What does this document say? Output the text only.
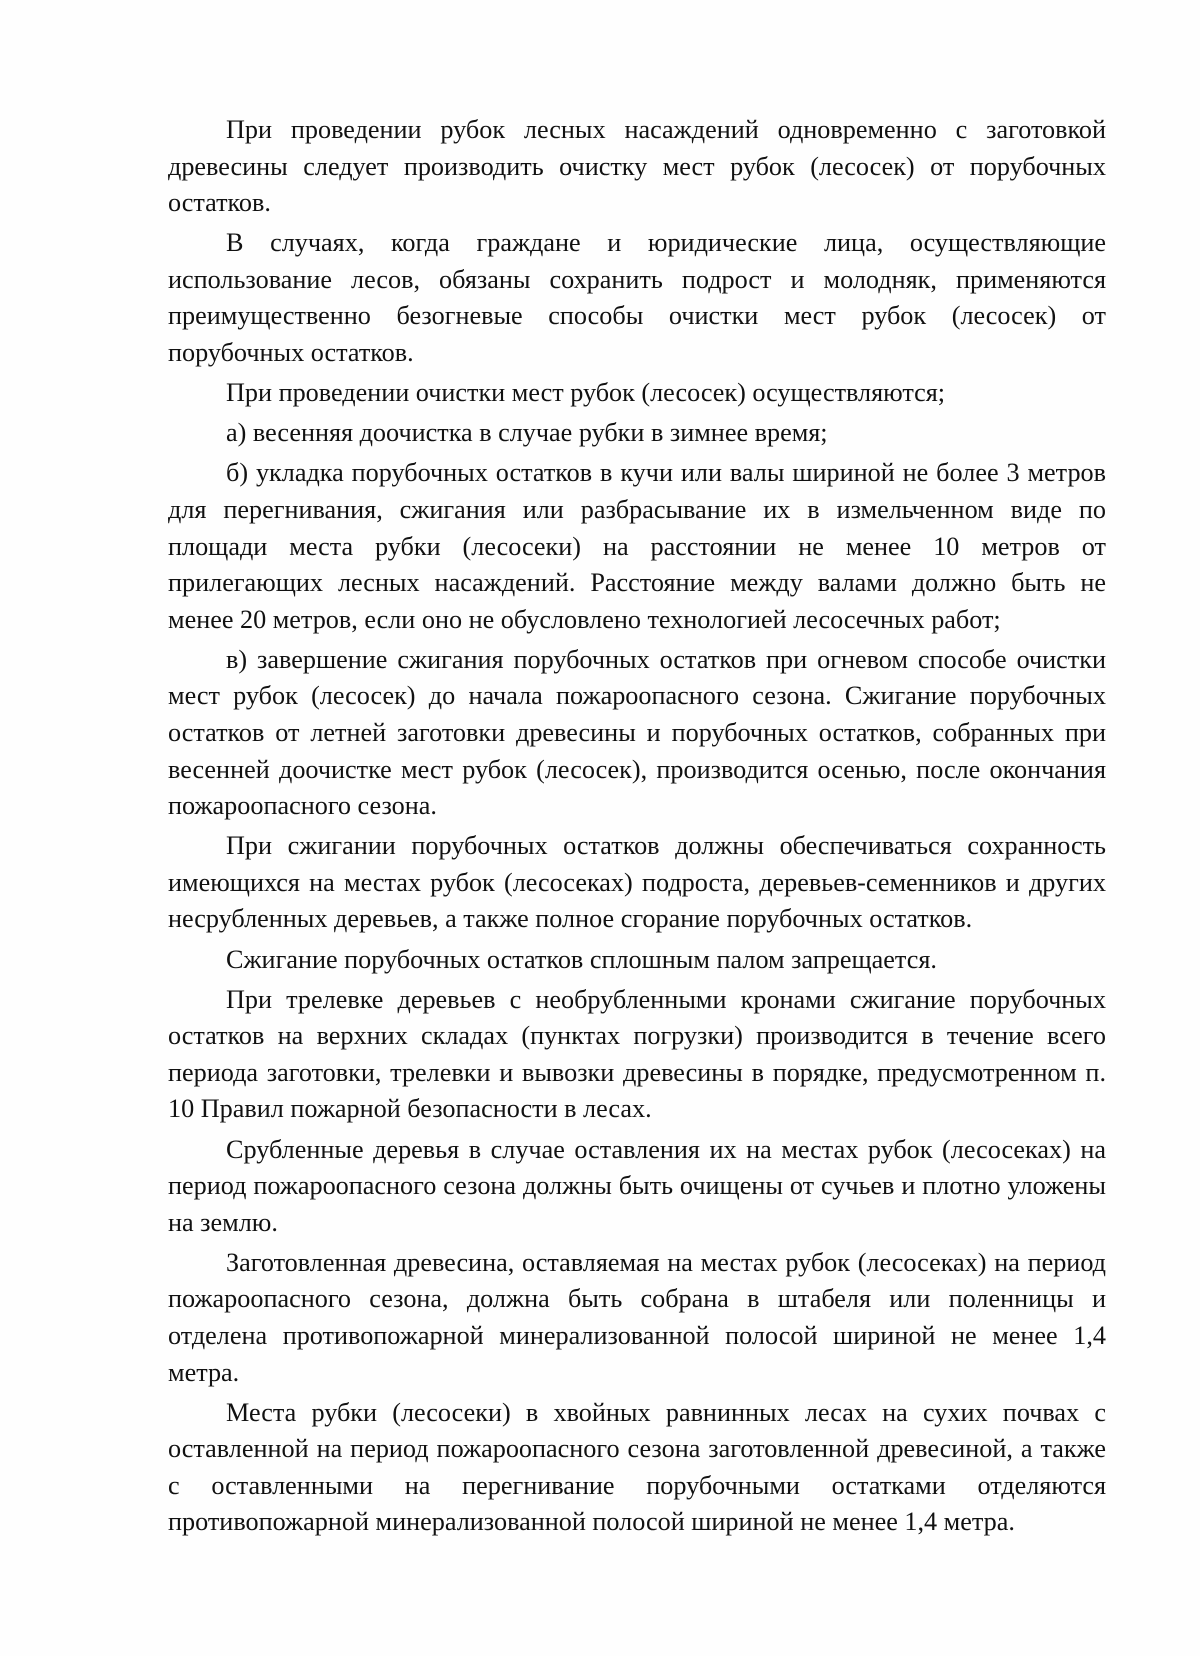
При проведении рубок лесных насаждений одновременно с заготовкой древесины следует производить очистку мест рубок (лесосек) от порубочных остатков.

В случаях, когда граждане и юридические лица, осуществляющие использование лесов, обязаны сохранить подрост и молодняк, применяются преимущественно безогневые способы очистки мест рубок (лесосек) от порубочных остатков.

При проведении очистки мест рубок (лесосек) осуществляются;

а) весенняя доочистка в случае рубки в зимнее время;

б) укладка порубочных остатков в кучи или валы шириной не более 3 метров для перегнивания, сжигания или разбрасывание их в измельченном виде по площади места рубки (лесосеки) на расстоянии не менее 10 метров от прилегающих лесных насаждений. Расстояние между валами должно быть не менее 20 метров, если оно не обусловлено технологией лесосечных работ;

в) завершение сжигания порубочных остатков при огневом способе очистки мест рубок (лесосек) до начала пожароопасного сезона. Сжигание порубочных остатков от летней заготовки древесины и порубочных остатков, собранных при весенней доочистке мест рубок (лесосек), производится осенью, после окончания пожароопасного сезона.

При сжигании порубочных остатков должны обеспечиваться сохранность имеющихся на местах рубок (лесосеках) подроста, деревьев-семенников и других несрубленных деревьев, а также полное сгорание порубочных остатков.

Сжигание порубочных остатков сплошным палом запрещается.

При трелевке деревьев с необрубленными кронами сжигание порубочных остатков на верхних складах (пунктах погрузки) производится в течение всего периода заготовки, трелевки и вывозки древесины в порядке, предусмотренном п. 10 Правил пожарной безопасности в лесах.

Срубленные деревья в случае оставления их на местах рубок (лесосеках) на период пожароопасного сезона должны быть очищены от сучьев и плотно уложены на землю.

Заготовленная древесина, оставляемая на местах рубок (лесосеках) на период пожароопасного сезона, должна быть собрана в штабеля или поленницы и отделена противопожарной минерализованной полосой шириной не менее 1,4 метра.

Места рубки (лесосеки) в хвойных равнинных лесах на сухих почвах с оставленной на период пожароопасного сезона заготовленной древесиной, а также с оставленными на перегнивание порубочными остатками отделяются противопожарной минерализованной полосой шириной не менее 1,4 метра.
